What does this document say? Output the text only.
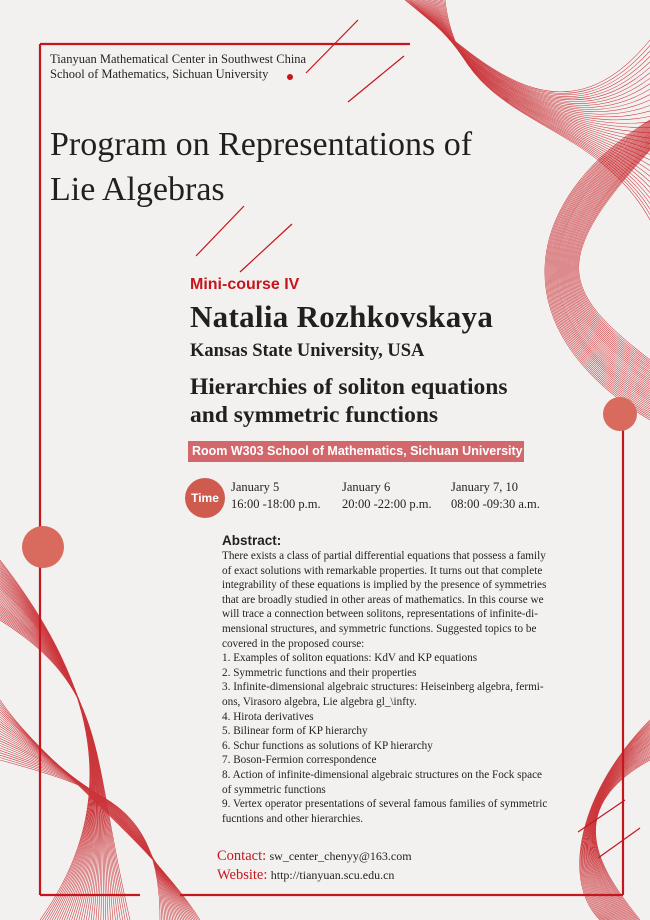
Tianyuan Mathematical Center in Southwest China
School of Mathematics, Sichuan University
Program on Representations of
Lie Algebras
Mini-course IV
Natalia Rozhkovskaya
Kansas State University, USA
Hierarchies of soliton equations
and symmetric functions
Room W303 School of Mathematics, Sichuan University
Time
January 5
16:00 -18:00 p.m.
January 6
20:00 -22:00 p.m.
January 7, 10
08:00 -09:30 a.m.
Abstract:

There exists a class of partial differential equations that possess a family

of exact solutions with remarkable properties. It turns out that complete

integrability of these equations is implied by the presence of symmetries

that are broadly studied in other areas of mathematics. In this course we

will trace a connection between solitons, representations of infinite-di-

mensional structures, and symmetric functions. Suggested topics to be

covered in the proposed course:

1. Examples of soliton equations: KdV and KP equations

2. Symmetric functions and their properties

3. Infinite-dimensional algebraic structures: Heiseinberg algebra, fermi-

ons, Virasoro algebra, Lie algebra gl_\infty.

4. Hirota derivatives

5. Bilinear form of KP hierarchy

6. Schur functions as solutions of KP hierarchy

7. Boson-Fermion correspondence

8. Action of infinite-dimensional algebraic structures on the Fock space

of symmetric functions

9. Vertex operator presentations of several famous families of symmetric

fucntions and other hierarchies.

Contact: sw_center_chenyy@163.com
Website: http://tianyuan.scu.edu.cn
